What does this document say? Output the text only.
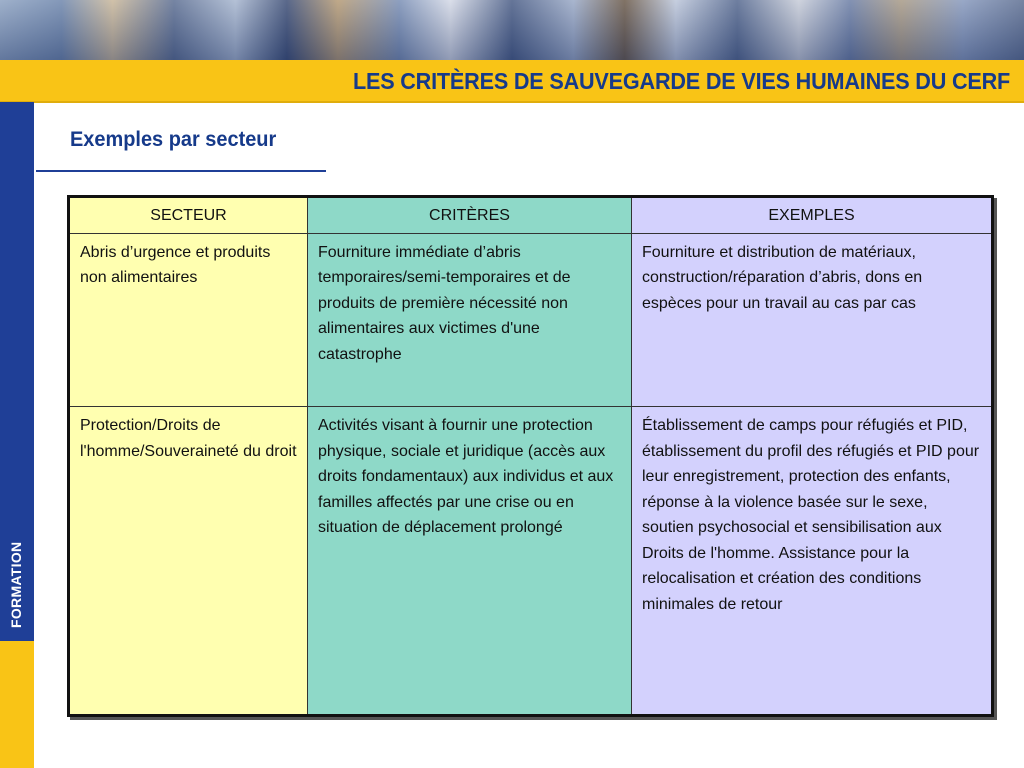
LES CRITÈRES DE SAUVEGARDE DE VIES HUMAINES DU CERF
FORMATION
Exemples par secteur
SECTEUR	CRITÈRES	EXEMPLES
Abris d’urgence et produits non alimentaires	Fourniture immédiate d’abris temporaires/semi-temporaires et de produits de première nécessité non alimentaires aux victimes d'une catastrophe	Fourniture et distribution de matériaux, construction/réparation d’abris, dons en espèces pour un travail au cas par cas
Protection/Droits de l'homme/Souveraineté du droit	Activités visant à fournir une protection physique, sociale et juridique (accès aux droits fondamentaux) aux individus et aux familles affectés par une crise ou en situation de déplacement prolongé	Établissement de camps pour réfugiés et PID, établissement du profil des réfugiés et PID pour leur enregistrement, protection des enfants, réponse à la violence basée sur le sexe, soutien psychosocial et sensibilisation aux Droits de l'homme. Assistance pour la relocalisation et création des conditions minimales de retour
